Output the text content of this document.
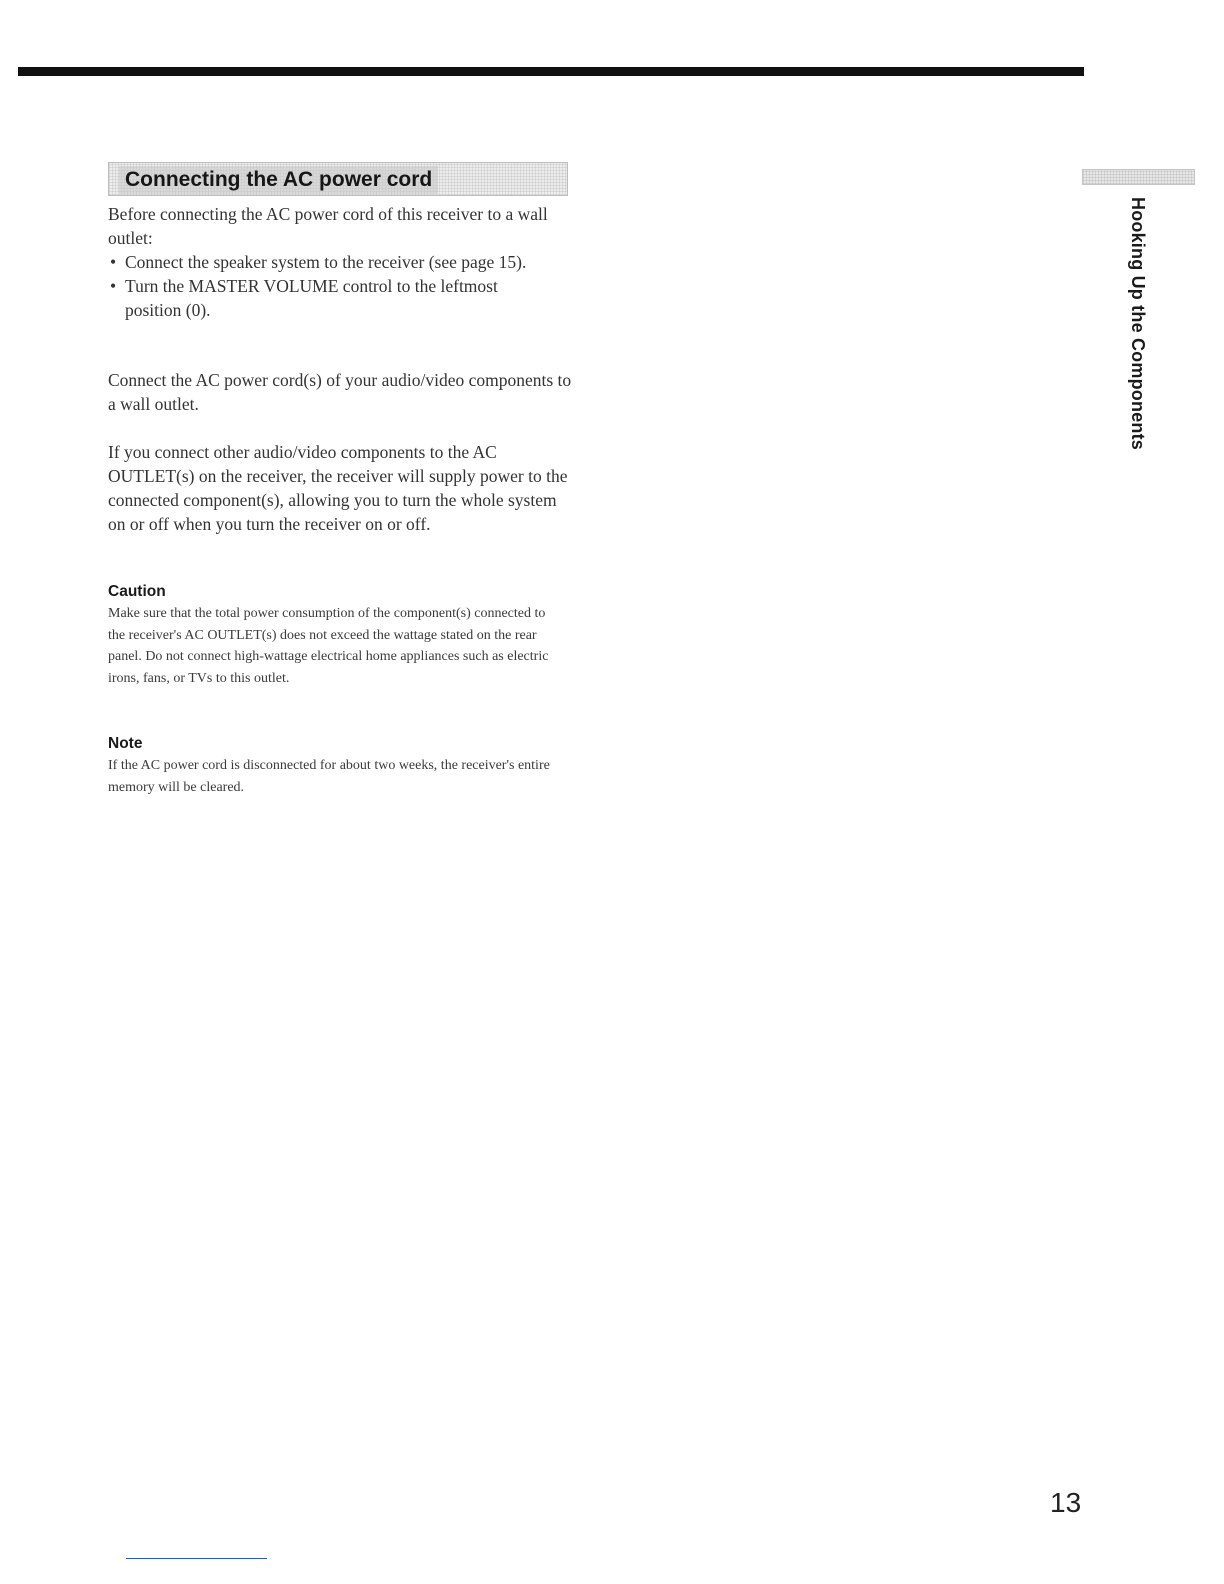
Connecting the AC power cord

Before connecting the AC power cord of this receiver to a wall outlet:

• Connect the speaker system to the receiver (see page 15).
• Turn the MASTER VOLUME control to the leftmost position (0).

Connect the AC power cord(s) of your audio/video components to a wall outlet.

If you connect other audio/video components to the AC OUTLET(s) on the receiver, the receiver will supply power to the connected component(s), allowing you to turn the whole system on or off when you turn the receiver on or off.

Caution

Make sure that the total power consumption of the component(s) connected to the receiver's AC OUTLET(s) does not exceed the wattage stated on the rear panel. Do not connect high-wattage electrical home appliances such as electric irons, fans, or TVs to this outlet.

Note

If the AC power cord is disconnected for about two weeks, the receiver's entire memory will be cleared.

Hooking Up the Components
13
